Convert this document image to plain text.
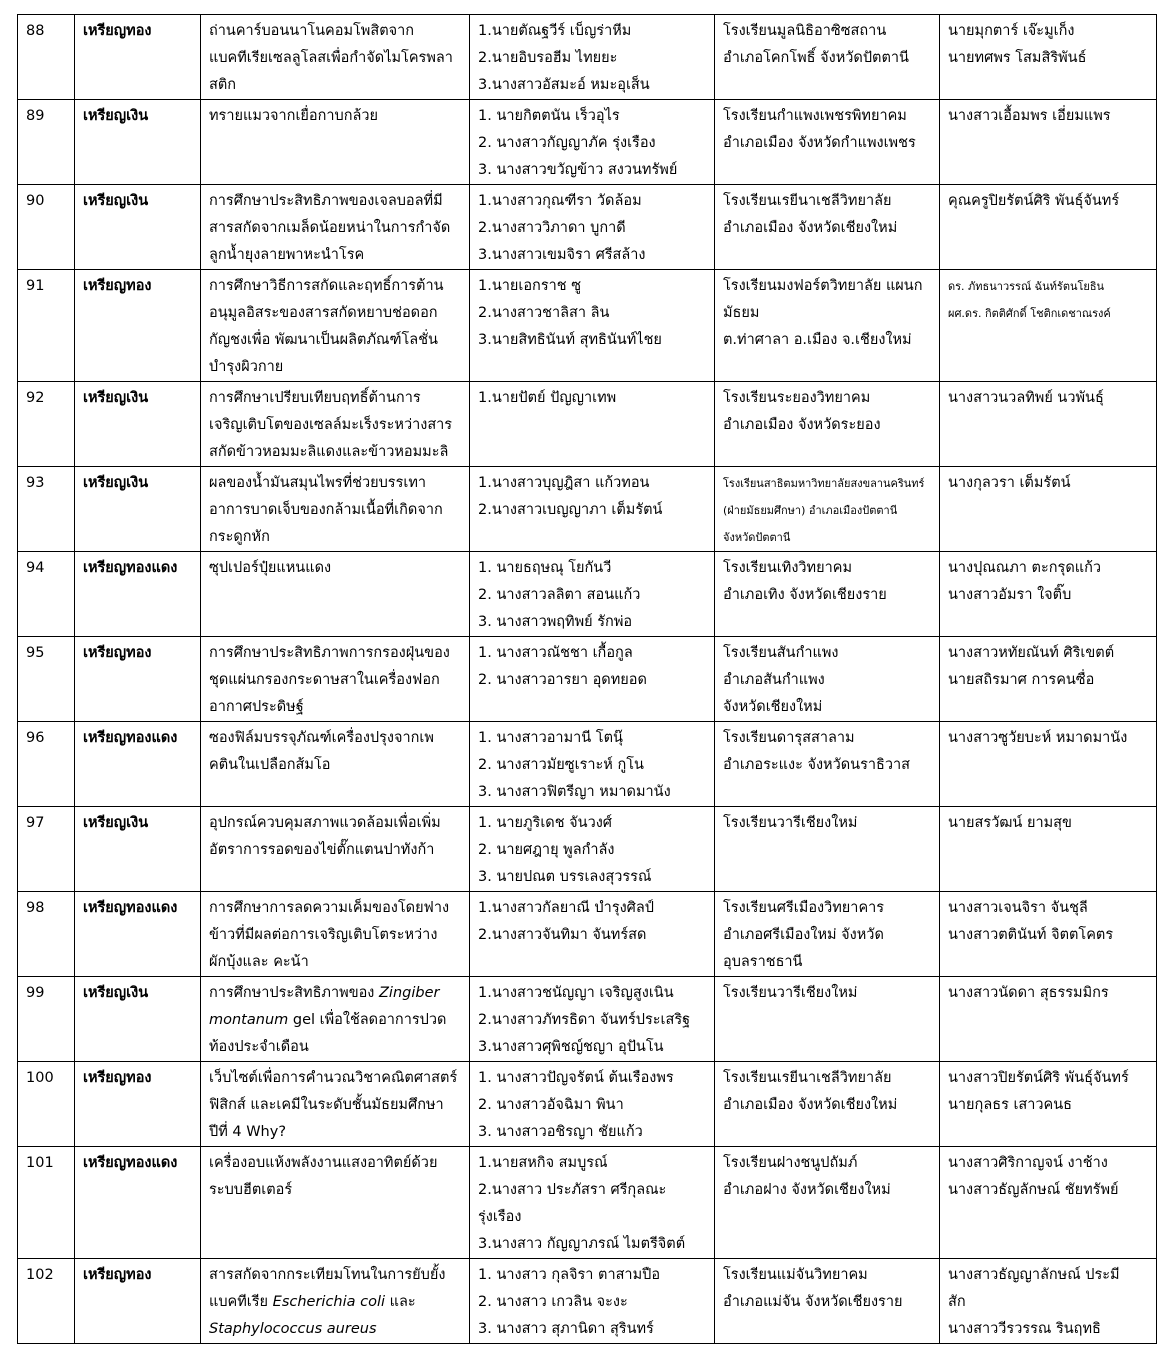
88	เหรียญทอง	ถ่านคาร์บอนนาโนคอมโพสิตจาก
แบคทีเรียเซลลูโลสเพื่อกำจัดไมโครพลา
สติก	1.นายตัณฐวีร์ เบ็ญร่าหีม
2.นายอิบรอฮีม ไทยยะ
3.นางสาวอัสมะอ์ หมะอุเส็น	โรงเรียนมูลนิธิอาซิซสถาน
อำเภอโคกโพธิ์ จังหวัดปัตตานี	นายมุกตาร์ เจ๊ะมูเก็ง
นายทศพร โสมสิริพันธ์

89	เหรียญเงิน	ทรายแมวจากเยื่อกาบกล้วย	1. นายกิตตนัน เร็วอุไร
2. นางสาวกัญญาภัค รุ่งเรือง
3. นางสาวขวัญข้าว สงวนทรัพย์	โรงเรียนกำแพงเพชรพิทยาคม
อำเภอเมือง จังหวัดกำแพงเพชร	นางสาวเอื้อมพร เอี่ยมแพร

90	เหรียญเงิน	การศึกษาประสิทธิภาพของเจลบอลที่มี
สารสกัดจากเมล็ดน้อยหน่าในการกำจัด
ลูกน้ำยุงลายพาหะนำโรค	1.นางสาวกุณฑีรา วัดล้อม
2.นางสาววิภาดา บูกาดี
3.นางสาวเขมจิรา ศรีสล้าง	โรงเรียนเรยีนาเชลีวิทยาลัย
อำเภอเมือง จังหวัดเชียงใหม่	คุณครูปิยรัตน์ศิริ พันธุ์จันทร์

91	เหรียญทอง	การศึกษาวิธีการสกัดและฤทธิ์การต้าน
อนุมูลอิสระของสารสกัดหยาบช่อดอก
กัญชงเพื่อ พัฒนาเป็นผลิตภัณฑ์โลชั่น
บำรุงผิวกาย	1.นายเอกราช ซู
2.นางสาวชาลิสา ลิน
3.นายสิทธินันท์ สุทธินันท์ไชย	โรงเรียนมงฟอร์ตวิทยาลัย แผนก
มัธยม
ต.ท่าศาลา อ.เมือง จ.เชียงใหม่	ดร. ภัทธนาวรรณ์ ฉันท์รัตนโยธิน
ผศ.ดร. กิตติศักดิ์ โชติกเดชาณรงค์

92	เหรียญเงิน	การศึกษาเปรียบเทียบฤทธิ์ต้านการ
เจริญเติบโตของเซลล์มะเร็งระหว่างสาร
สกัดข้าวหอมมะลิแดงและข้าวหอมมะลิ	1.นายปัตย์ ปัญญาเทพ	โรงเรียนระยองวิทยาคม
อำเภอเมือง จังหวัดระยอง	นางสาวนวลทิพย์ นวพันธุ์

93	เหรียญเงิน	ผลของน้ำมันสมุนไพรที่ช่วยบรรเทา
อาการบาดเจ็บของกล้ามเนื้อที่เกิดจาก
กระดูกหัก	1.นางสาวบุญฎิสา แก้วทอน
2.นางสาวเบญญาภา เต็มรัตน์	โรงเรียนสาธิตมหาวิทยาลัยสงขลานครินทร์
(ฝ่ายมัธยมศึกษา) อำเภอเมืองปัตตานี
จังหวัดปัตตานี	นางกุลวรา เต็มรัตน์

94	เหรียญทองแดง	ซุปเปอร์ปุ๋ยแหนแดง	1. นายธฤษณุ โยกันวี
2. นางสาวลลิตา สอนแก้ว
3. นางสาวพฤทิพย์ รักพ่อ	โรงเรียนเทิงวิทยาคม
อำเภอเทิง จังหวัดเชียงราย	นางปุณณภา ตะกรุดแก้ว
นางสาวอัมรา ใจติ๊บ

95	เหรียญทอง	การศึกษาประสิทธิภาพการกรองฝุ่นของ
ชุดแผ่นกรองกระดาษสาในเครื่องฟอก
อากาศประดิษฐ์	1. นางสาวณัชชา เกื้อกูล
2. นางสาวอารยา อุดทยอด	โรงเรียนสันกำแพง
อำเภอสันกำแพง
จังหวัดเชียงใหม่	นางสาวหทัยณันท์ ศิริเขตต์
นายสถิรมาศ การคนซื่อ

96	เหรียญทองแดง	ซองฟิล์มบรรจุภัณฑ์เครื่องปรุงจากเพ
คตินในเปลือกส้มโอ	1. นางสาวอามานี โตนุ๊
2. นางสาวมัยซูเราะห์ กูโน
3. นางสาวฟิตรีญา หมาดมานัง	โรงเรียนดารุสสาลาม
อำเภอระแงะ จังหวัดนราธิวาส	นางสาวซูวัยบะห์ หมาดมานัง

97	เหรียญเงิน	อุปกรณ์ควบคุมสภาพแวดล้อมเพื่อเพิ่ม
อัตราการรอดของไข่ตั๊กแตนปาทังก้า	1. นายภูริเดช จันวงศ์
2. นายศฎายุ พูลกำลัง
3. นายปณต บรรเลงสุวรรณ์	โรงเรียนวารีเชียงใหม่	นายสรวัฒน์ ยามสุข

98	เหรียญทองแดง	การศึกษาการลดความเค็มของโดยฟาง
ข้าวที่มีผลต่อการเจริญเติบโตระหว่าง
ผักบุ้งและ คะน้า	1.นางสาวกัลยาณี บำรุงศิลป์
2.นางสาวจันทิมา จันทร์สด	โรงเรียนศรีเมืองวิทยาคาร
อำเภอศรีเมืองใหม่ จังหวัด
อุบลราชธานี	นางสาวเจนจิรา จันชุลี
นางสาวตตินันท์ จิตตโคตร

99	เหรียญเงิน	การศึกษาประสิทธิภาพของ Zingiber
montanum gel เพื่อใช้ลดอาการปวด
ท้องประจำเดือน	1.นางสาวชนัญญา เจริญสูงเนิน
2.นางสาวภัทรธิดา จันทร์ประเสริฐ
3.นางสาวศุพิชญ์ชญา อุปันโน	โรงเรียนวารีเชียงใหม่	นางสาวนัดดา สุธรรมมิกร

100	เหรียญทอง	เว็บไซต์เพื่อการคำนวณวิชาคณิตศาสตร์
ฟิสิกส์ และเคมีในระดับชั้นมัธยมศึกษา
ปีที่ 4 Why?	1. นางสาวปัญจรัตน์ ต้นเรืองพร
2. นางสาวอัจฉิมา พินา
3. นางสาวอชิรญา ชัยแก้ว	โรงเรียนเรยีนาเชลีวิทยาลัย
อำเภอเมือง จังหวัดเชียงใหม่	นางสาวปิยรัตน์ศิริ พันธุ์จันทร์
นายกุลธร เสาวคนธ

101	เหรียญทองแดง	เครื่องอบแห้งพลังงานแสงอาทิตย์ด้วย
ระบบฮีตเตอร์	1.นายสหกิจ สมบูรณ์
2.นางสาว ประภัสรา ศรีกุลณะ
รุ่งเรือง
3.นางสาว กัญญาภรณ์ ไมตรีจิตต์	โรงเรียนฝางชนูปถัมภ์
อำเภอฝาง จังหวัดเชียงใหม่	นางสาวศิริกาญจน์ งาช้าง
นางสาวธัญลักษณ์ ชัยทรัพย์

102	เหรียญทอง	สารสกัดจากกระเทียมโทนในการยับยั้ง
แบคทีเรีย Escherichia coli และ
Staphylococcus aureus	1. นางสาว กุลจิรา ตาสามปือ
2. นางสาว เกวลิน จะงะ
3. นางสาว สุภานิดา สุรินทร์	โรงเรียนแม่จันวิทยาคม
อำเภอแม่จัน จังหวัดเชียงราย	นางสาวธัญญาลักษณ์ ประมี
สัก
นางสาววีรวรรณ รินฤทธิ
